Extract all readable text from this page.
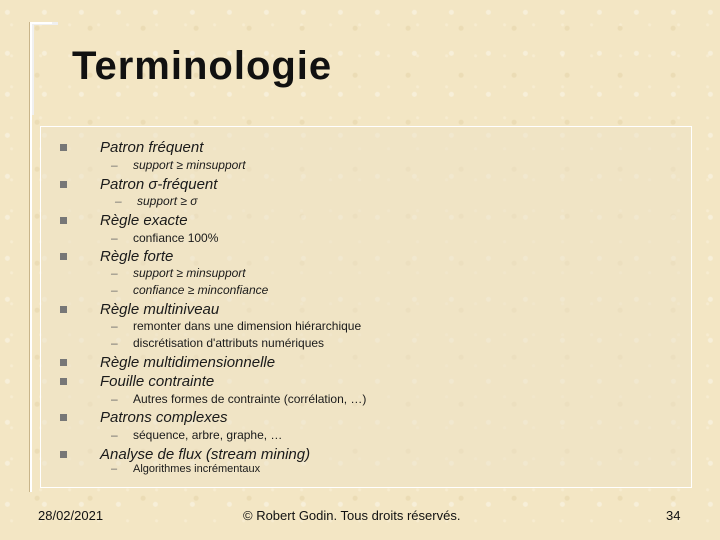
Terminologie
Patron fréquent
– support ≥ minsupport
Patron σ-fréquent
– support ≥ σ
Règle exacte
– confiance 100%
Règle forte
– support ≥ minsupport
– confiance ≥ minconfiance
Règle multiniveau
– remonter dans une dimension hiérarchique
– discrétisation d'attributs numériques
Règle multidimensionnelle
Fouille contrainte
– Autres formes de contrainte (corrélation, …)
Patrons complexes
– séquence, arbre, graphe, …
Analyse de flux (stream mining)
– Algorithmes incrémentaux
28/02/2021	© Robert Godin. Tous droits réservés.	34
